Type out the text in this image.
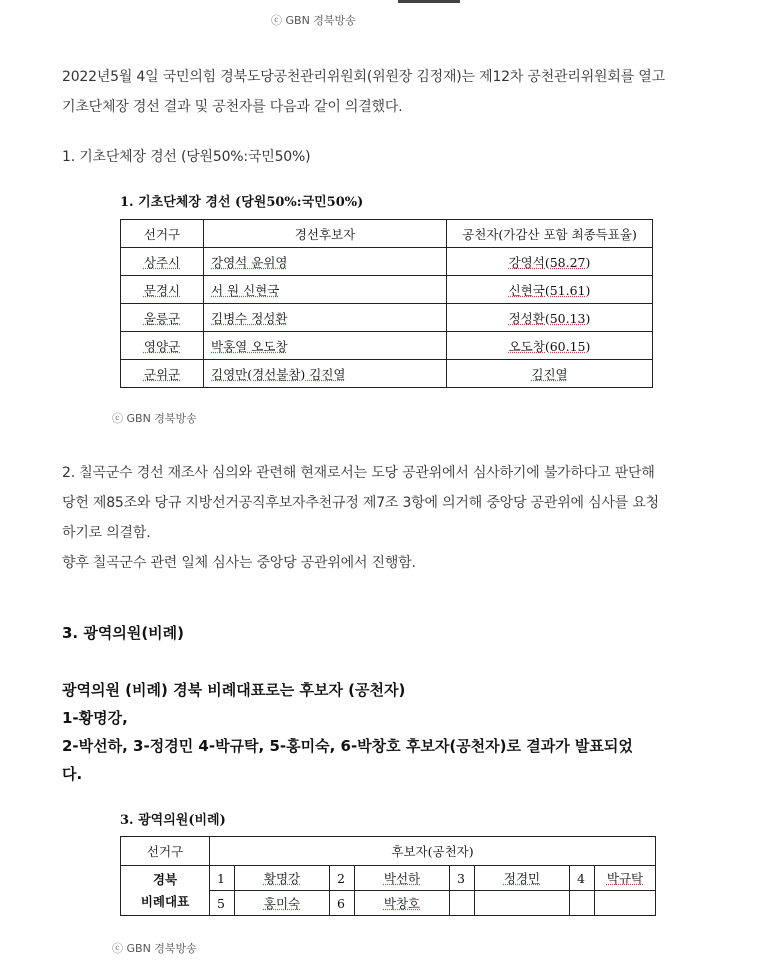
ⓒ GBN 경북방송
2022년5월 4일 국민의힘 경북도당공천관리위원회(위원장 김정재)는 제12차 공천관리위원회를 열고
기초단체장 경선 결과 및 공천자를 다음과 같이 의결했다.
1. 기초단체장 경선 (당원50%:국민50%)
1. 기초단체장 경선 (당원50%:국민50%)
선거구	경선후보자	공천자(가감산 포함 최종득표율)
상주시	강영석 윤위영	강영석(58.27)
문경시	서 원 신현국	신현국(51.61)
울릉군	김병수 정성환	정성환(50.13)
영양군	박홍열 오도창	오도창(60.15)
군위군	김영만(경선불참) 김진열	김진열
ⓒ GBN 경북방송
2. 칠곡군수 경선 재조사 심의와 관련해 현재로서는 도당 공관위에서 심사하기에 불가하다고 판단해
당헌 제85조와 당규 지방선거공직후보자추천규정 제7조 3항에 의거해 중앙당 공관위에 심사를 요청
하기로 의결함.
향후 칠곡군수 관련 일체 심사는 중앙당 공관위에서 진행함.
3. 광역의원(비례)
광역의원 (비례) 경북 비례대표로는 후보자 (공천자)
1-황명강,
2-박선하, 3-정경민 4-박규탁, 5-홍미숙, 6-박창호 후보자(공천자)로 결과가 발표되었
다.
3. 광역의원(비례)
선거구	후보자(공천자)							

경북
비례대표	1	황명강	2	박선하	3	정경민	4	박규탁
	5	홍미숙	6	박창호				
ⓒ GBN 경북방송
